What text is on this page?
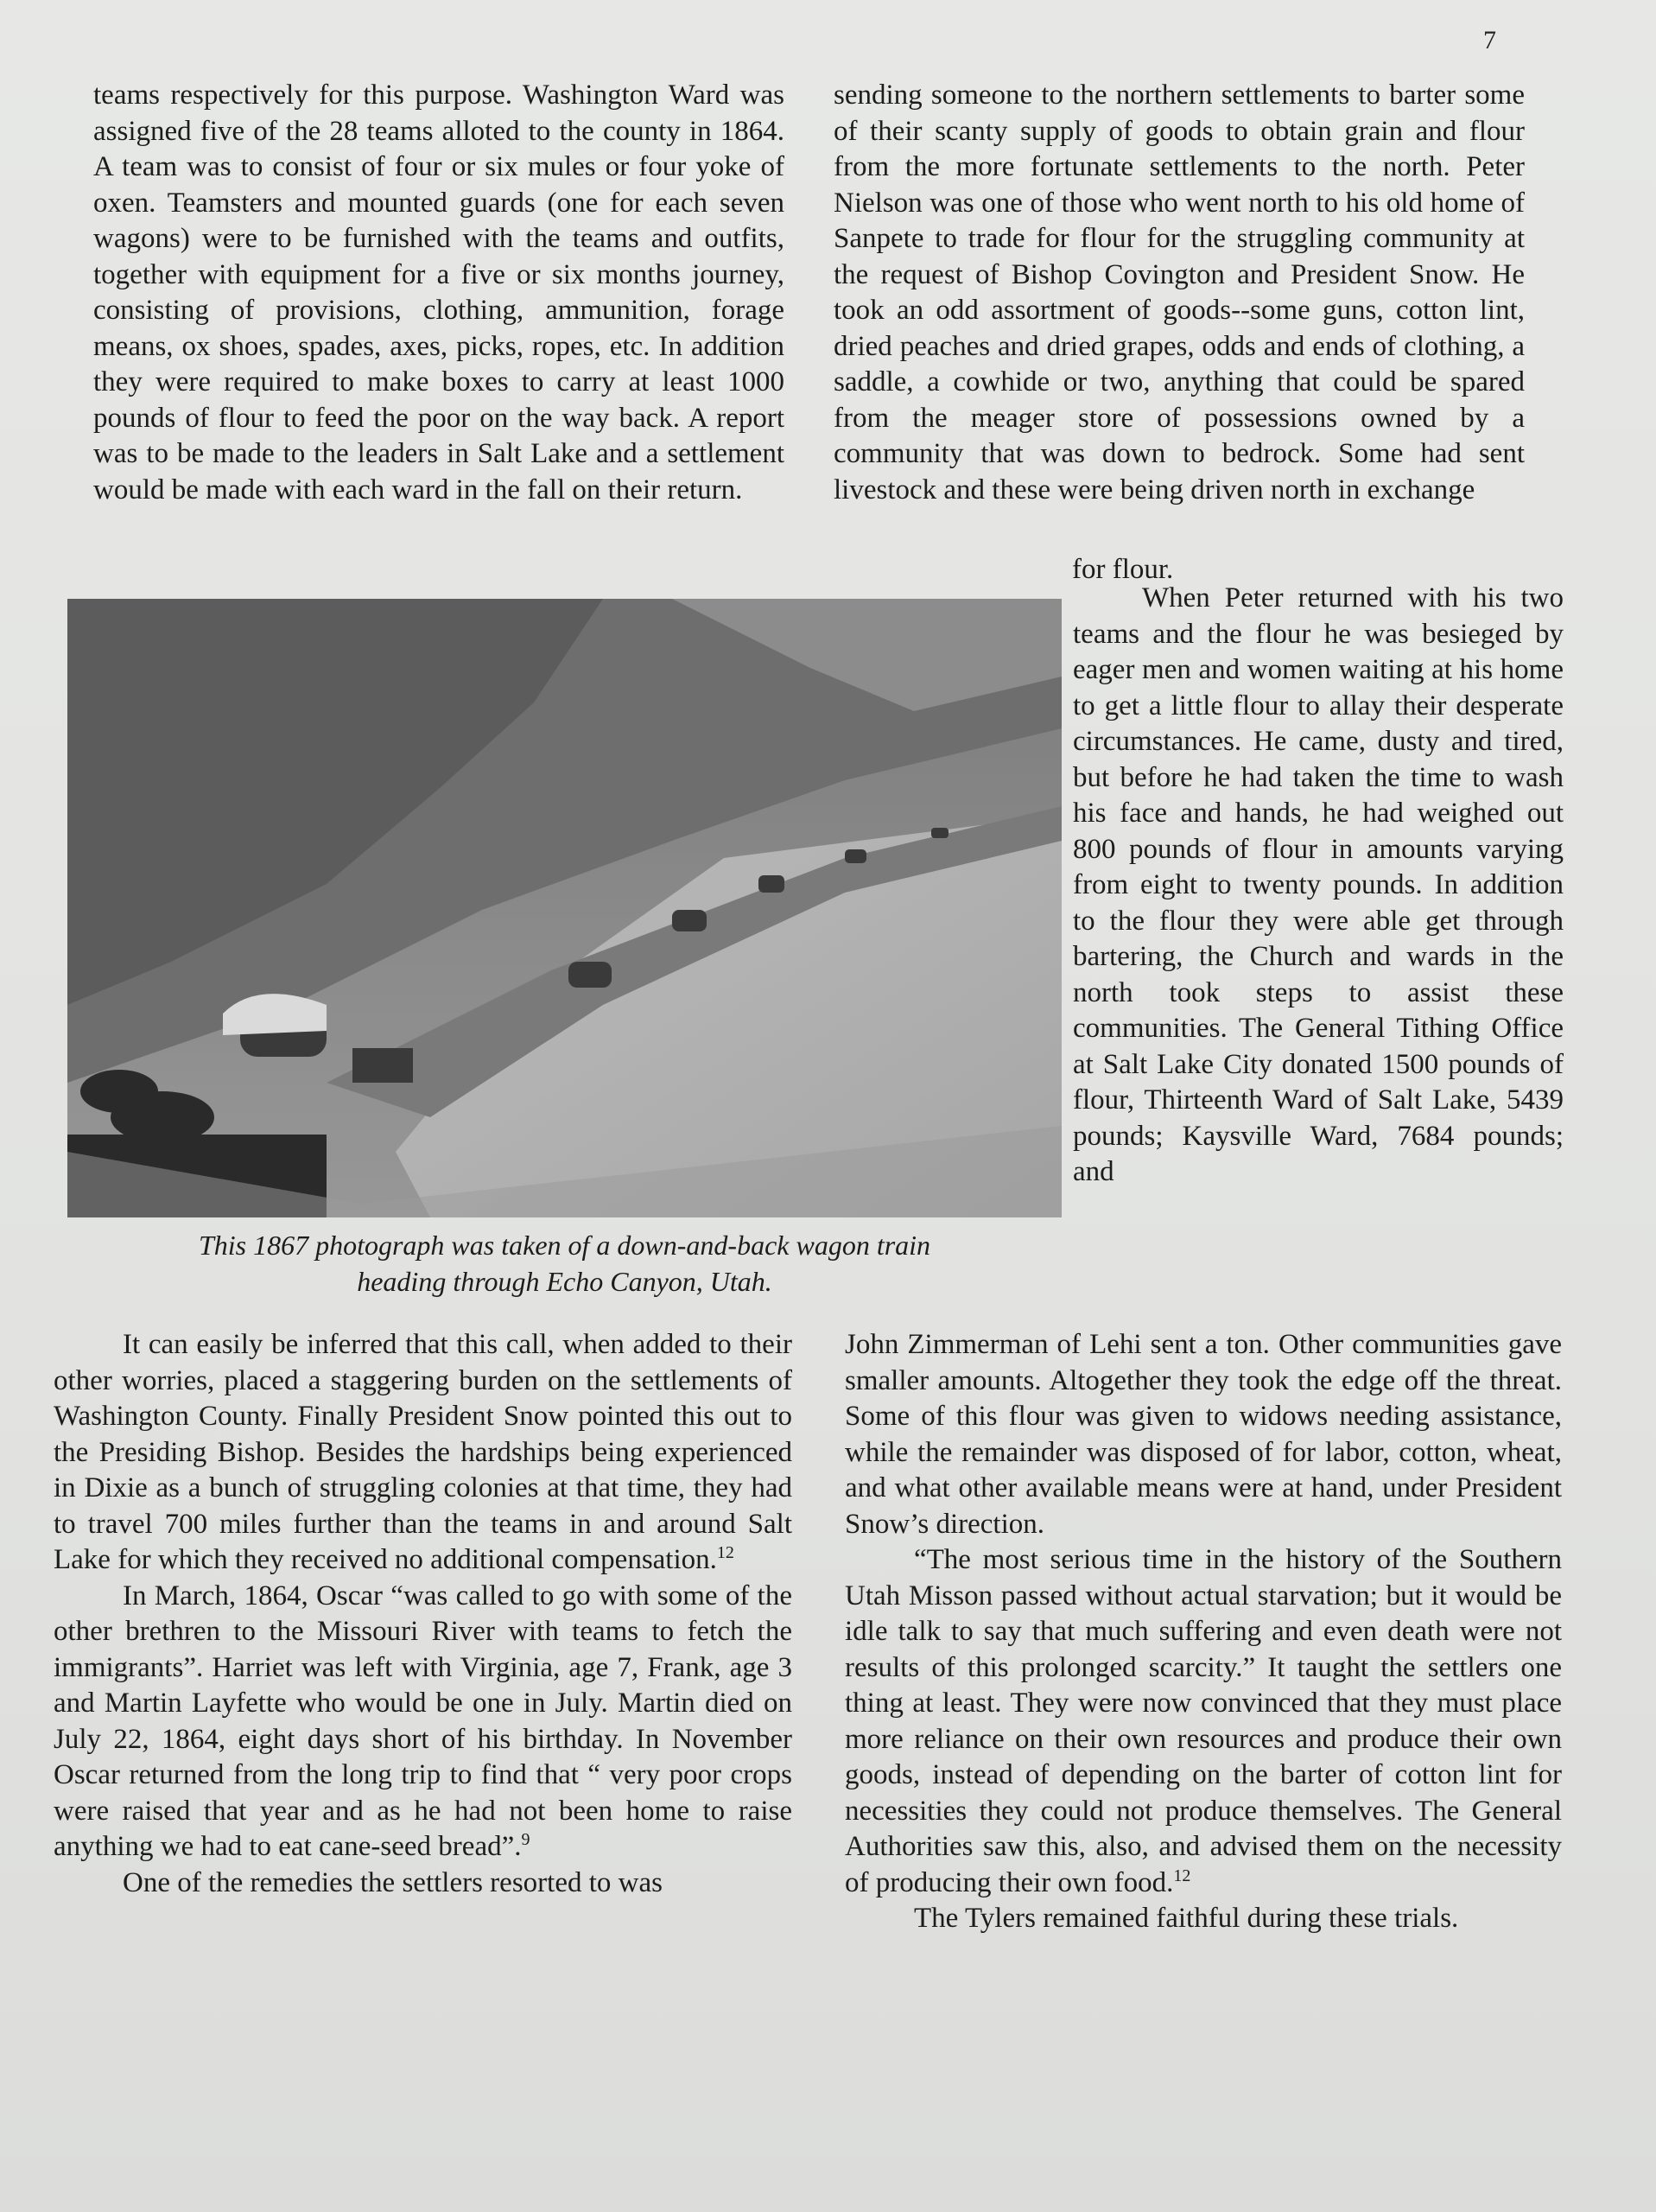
7

teams respectively for this purpose. Washington Ward was assigned five of the 28 teams alloted to the county in 1864. A team was to consist of four or six mules or four yoke of oxen. Teamsters and mounted guards (one for each seven wagons) were to be furnished with the teams and outfits, together with equipment for a five or six months journey, consisting of provisions, clothing, ammunition, forage means, ox shoes, spades, axes, picks, ropes, etc. In addition they were required to make boxes to carry at least 1000 pounds of flour to feed the poor on the way back. A report was to be made to the leaders in Salt Lake and a settlement would be made with each ward in the fall on their return.

sending someone to the northern settlements to barter some of their scanty supply of goods to obtain grain and flour from the more fortunate settlements to the north. Peter Nielson was one of those who went north to his old home of Sanpete to trade for flour for the struggling community at the request of Bishop Covington and President Snow. He took an odd assortment of goods--some guns, cotton lint, dried peaches and dried grapes, odds and ends of clothing, a saddle, a cowhide or two, anything that could be spared from the meager store of possessions owned by a community that was down to bedrock. Some had sent livestock and these were being driven north in exchange

for flour.

This 1867 photograph was taken of a down-and-back wagon train
heading through Echo Canyon, Utah.

When Peter returned with his two teams and the flour he was besieged by eager men and women waiting at his home to get a little flour to allay their desperate circumstances. He came, dusty and tired, but before he had taken the time to wash his face and hands, he had weighed out 800 pounds of flour in amounts varying from eight to twenty pounds. In addition to the flour they were able get through bartering, the Church and wards in the north took steps to assist these communities. The General Tithing Office at Salt Lake City donated 1500 pounds of flour, Thirteenth Ward of Salt Lake, 5439 pounds; Kaysville Ward, 7684 pounds; and

John Zimmerman of Lehi sent a ton. Other communities gave smaller amounts. Altogether they took the edge off the threat. Some of this flour was given to widows needing assistance, while the remainder was disposed of for labor, cotton, wheat, and what other available means were at hand, under President Snow’s direction.

“The most serious time in the history of the Southern Utah Misson passed without actual starvation; but it would be idle talk to say that much suffering and even death were not results of this prolonged scarcity.” It taught the settlers one thing at least. They were now convinced that they must place more reliance on their own resources and produce their own goods, instead of depending on the barter of cotton lint for necessities they could not produce themselves. The General Authorities saw this, also, and advised them on the necessity of producing their own food.$^{12}$

The Tylers remained faithful during these trials.

It can easily be inferred that this call, when added to their other worries, placed a staggering burden on the settlements of Washington County. Finally President Snow pointed this out to the Presiding Bishop. Besides the hardships being experienced in Dixie as a bunch of struggling colonies at that time, they had to travel 700 miles further than the teams in and around Salt Lake for which they received no additional compensation.$^{12}$

In March, 1864, Oscar “was called to go with some of the other brethren to the Missouri River with teams to fetch the immigrants”. Harriet was left with Virginia, age 7, Frank, age 3 and Martin Layfette who would be one in July. Martin died on July 22, 1864, eight days short of his birthday. In November Oscar returned from the long trip to find that “ very poor crops were raised that year and as he had not been home to raise anything we had to eat cane-seed bread”.$^9$

One of the remedies the settlers resorted to was
